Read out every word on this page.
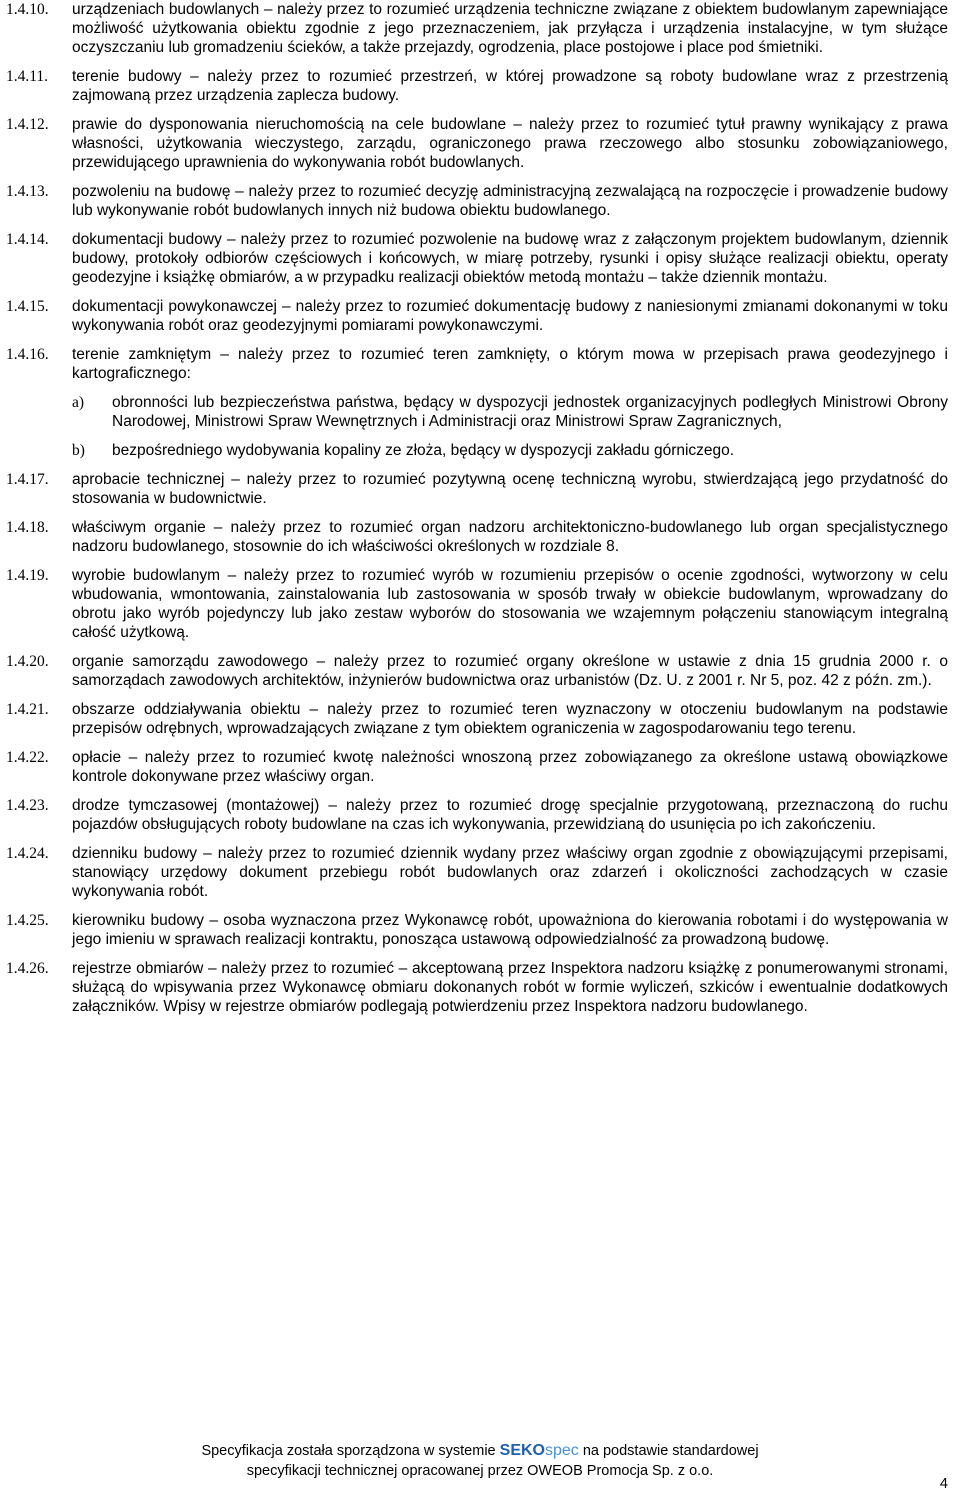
1.4.10.	urządzeniach budowlanych – należy przez to rozumieć urządzenia techniczne związane z obiektem budowlanym zapewniające możliwość użytkowania obiektu zgodnie z jego przeznaczeniem, jak przyłącza i urządzenia instalacyjne, w tym służące oczyszczaniu lub gromadzeniu ścieków, a także przejazdy, ogrodzenia, place postojowe i place pod śmietniki.
1.4.11.	terenie budowy – należy przez to rozumieć przestrzeń, w której prowadzone są roboty budowlane wraz z przestrzenią zajmowaną przez urządzenia zaplecza budowy.
1.4.12.	prawie do dysponowania nieruchomością na cele budowlane – należy przez to rozumieć tytuł prawny wynikający z prawa własności, użytkowania wieczystego, zarządu, ograniczonego prawa rzeczowego albo stosunku zobowiązaniowego, przewidującego uprawnienia do wykonywania robót budowlanych.
1.4.13.	pozwoleniu na budowę – należy przez to rozumieć decyzję administracyjną zezwalającą na rozpoczęcie i prowadzenie budowy lub wykonywanie robót budowlanych innych niż budowa obiektu budowlanego.
1.4.14.	dokumentacji budowy – należy przez to rozumieć pozwolenie na budowę wraz z załączonym projektem budowlanym, dziennik budowy, protokoły odbiorów częściowych i końcowych, w miarę potrzeby, rysunki i opisy służące realizacji obiektu, operaty geodezyjne i książkę obmiarów, a w przypadku realizacji obiektów metodą montażu – także dziennik montażu.
1.4.15.	dokumentacji powykonawczej – należy przez to rozumieć dokumentację budowy z naniesionymi zmianami dokonanymi w toku wykonywania robót oraz geodezyjnymi pomiarami powykonawczymi.
1.4.16.	terenie zamkniętym – należy przez to rozumieć teren zamknięty, o którym mowa w przepisach prawa geodezyjnego i kartograficznego:
a)	obronności lub bezpieczeństwa państwa, będący w dyspozycji jednostek organizacyjnych podległych Ministrowi Obrony Narodowej, Ministrowi Spraw Wewnętrznych i Administracji oraz Ministrowi Spraw Zagranicznych,
b)	bezpośredniego wydobywania kopaliny ze złoża, będący w dyspozycji zakładu górniczego.
1.4.17.	aprobacie technicznej – należy przez to rozumieć pozytywną ocenę techniczną wyrobu, stwierdzającą jego przydatność do stosowania w budownictwie.
1.4.18.	właściwym organie – należy przez to rozumieć organ nadzoru architektoniczno-budowlanego lub organ specjalistycznego nadzoru budowlanego, stosownie do ich właściwości określonych w rozdziale 8.
1.4.19.	wyrobie budowlanym – należy przez to rozumieć wyrób w rozumieniu przepisów o ocenie zgodności, wytworzony w celu wbudowania, wmontowania, zainstalowania lub zastosowania w sposób trwały w obiekcie budowlanym, wprowadzany do obrotu jako wyrób pojedynczy lub jako zestaw wyborów do stosowania we wzajemnym połączeniu stanowiącym integralną całość użytkową.
1.4.20.	organie samorządu zawodowego – należy przez to rozumieć organy określone w ustawie z dnia 15 grudnia 2000 r. o samorządach zawodowych architektów, inżynierów budownictwa oraz urbanistów (Dz. U. z 2001 r. Nr 5, poz. 42 z późn. zm.).
1.4.21.	obszarze oddziaływania obiektu – należy przez to rozumieć teren wyznaczony w otoczeniu budowlanym na podstawie przepisów odrębnych, wprowadzających związane z tym obiektem ograniczenia w zagospodarowaniu tego terenu.
1.4.22.	opłacie – należy przez to rozumieć kwotę należności wnoszoną przez zobowiązanego za określone ustawą obowiązkowe kontrole dokonywane przez właściwy organ.
1.4.23.	drodze tymczasowej (montażowej) – należy przez to rozumieć drogę specjalnie przygotowaną, przeznaczoną do ruchu pojazdów obsługujących roboty budowlane na czas ich wykonywania, przewidzianą do usunięcia po ich zakończeniu.
1.4.24.	dzienniku budowy – należy przez to rozumieć dziennik wydany przez właściwy organ zgodnie z obowiązującymi przepisami, stanowiący urzędowy dokument przebiegu robót budowlanych oraz zdarzeń i okoliczności zachodzących w czasie wykonywania robót.
1.4.25.	kierowniku budowy – osoba wyznaczona przez Wykonawcę robót, upoważniona do kierowania robotami i do występowania w jego imieniu w sprawach realizacji kontraktu, ponosząca ustawową odpowiedzialność za prowadzoną budowę.
1.4.26.	rejestrze obmiarów – należy przez to rozumieć – akceptowaną przez Inspektora nadzoru książkę z ponumerowanymi stronami, służącą do wpisywania przez Wykonawcę obmiaru dokonanych robót w formie wyliczeń, szkiców i ewentualnie dodatkowych załączników. Wpisy w rejestrze obmiarów podlegają potwierdzeniu przez Inspektora nadzoru budowlanego.
Specyfikacja została sporządzona w systemie SEKOspec na podstawie standardowej
specyfikacji technicznej opracowanej przez OWEOB Promocja Sp. z o.o.
4
